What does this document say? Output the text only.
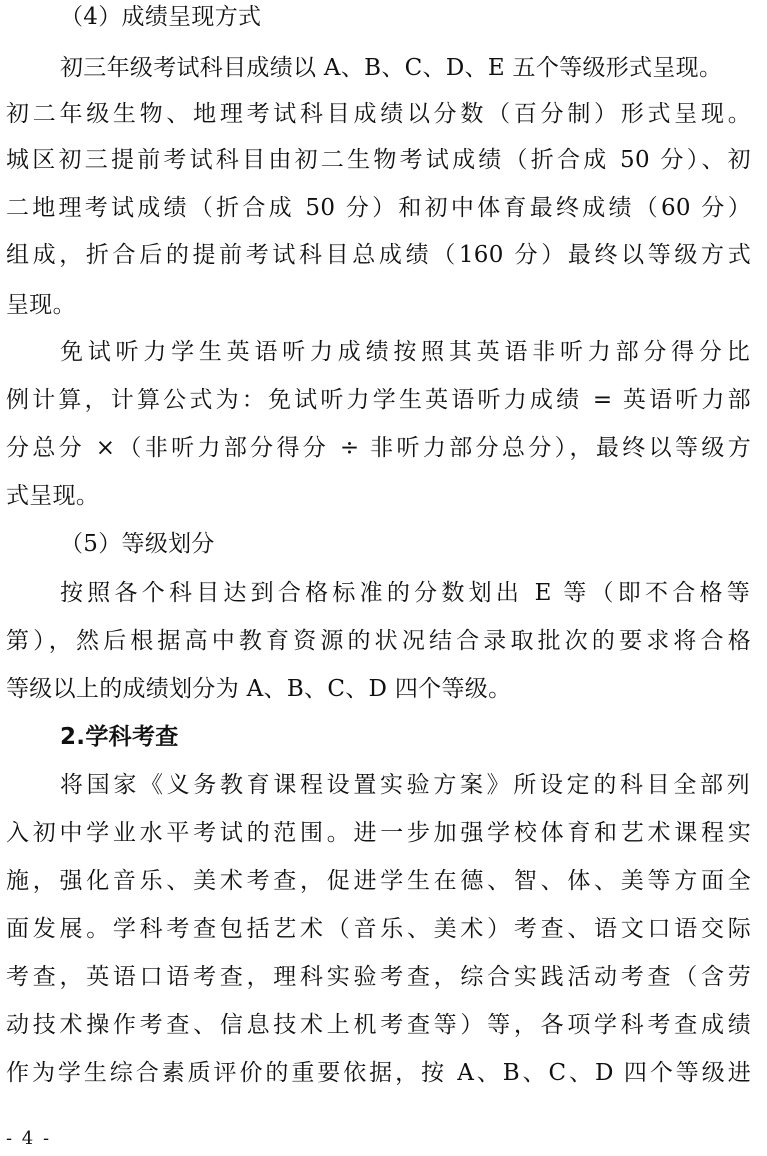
（4）成绩呈现方式
初三年级考试科目成绩以 A、B、C、D、E 五个等级形式呈现。
初二年级生物、地理考试科目成绩以分数（百分制）形式呈现。
城区初三提前考试科目由初二生物考试成绩（折合成 50 分）、初
二地理考试成绩（折合成 50 分）和初中体育最终成绩（60 分）
组成，折合后的提前考试科目总成绩（160 分）最终以等级方式
呈现。
免试听力学生英语听力成绩按照其英语非听力部分得分比
例计算，计算公式为：免试听力学生英语听力成绩 = 英语听力部
分总分 ×（非听力部分得分 ÷ 非听力部分总分），最终以等级方
式呈现。
（5）等级划分
按照各个科目达到合格标准的分数划出 E 等（即不合格等
第），然后根据高中教育资源的状况结合录取批次的要求将合格
等级以上的成绩划分为 A、B、C、D 四个等级。
2.学科考查
将国家《义务教育课程设置实验方案》所设定的科目全部列
入初中学业水平考试的范围。进一步加强学校体育和艺术课程实
施，强化音乐、美术考查，促进学生在德、智、体、美等方面全
面发展。学科考查包括艺术（音乐、美术）考查、语文口语交际
考查，英语口语考查，理科实验考查，综合实践活动考查（含劳
动技术操作考查、信息技术上机考查等）等，各项学科考查成绩
作为学生综合素质评价的重要依据，按 A、B、C、D 四个等级进
- 4 -
